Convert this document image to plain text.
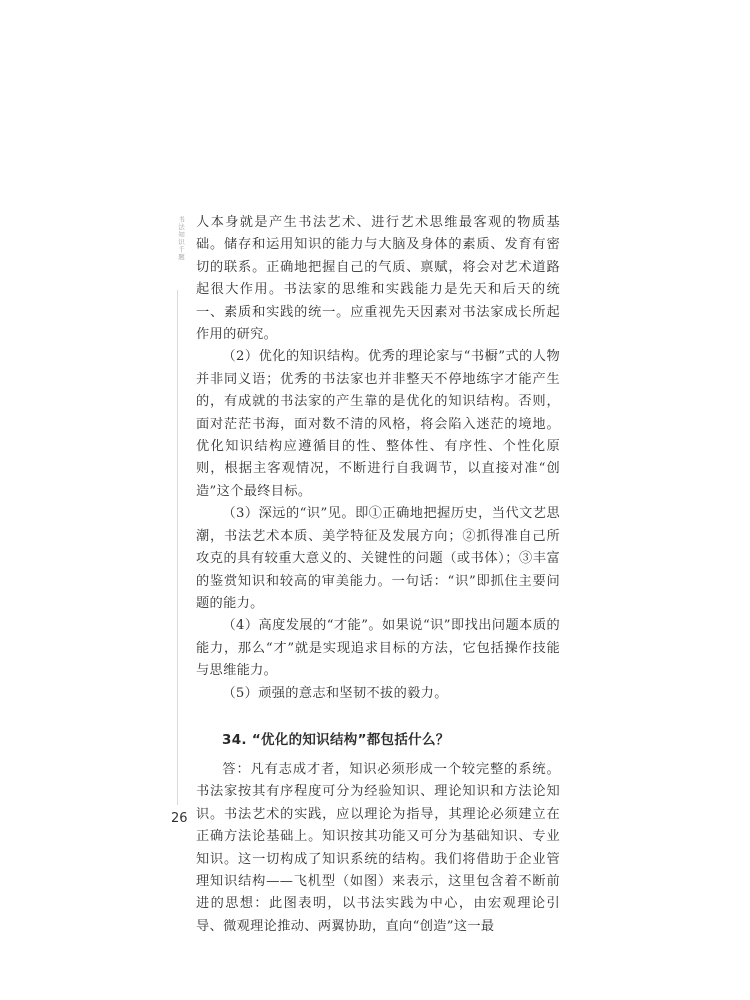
书法知识千题 人本身就是产生书法艺术、进行艺术思维最客观的物质基础。储存和运用知识的能力与大脑及身体的素质、发育有密切的联系。正确地把握自己的气质、禀赋，将会对艺术道路起很大作用。书法家的思维和实践能力是先天和后天的统一、素质和实践的统一。应重视先天因素对书法家成长所起作用的研究。

（2）优化的知识结构。优秀的理论家与“书橱”式的人物并非同义语；优秀的书法家也并非整天不停地练字才能产生的，有成就的书法家的产生靠的是优化的知识结构。否则，面对茫茫书海，面对数不清的风格，将会陷入迷茫的境地。优化知识结构应遵循目的性、整体性、有序性、个性化原则，根据主客观情况，不断进行自我调节，以直接对准“创造”这个最终目标。

（3）深远的“识”见。即①正确地把握历史，当代文艺思潮，书法艺术本质、美学特征及发展方向；②抓得准自己所攻克的具有较重大意义的、关键性的问题（或书体）；③丰富的鉴赏知识和较高的审美能力。一句话：“识”即抓住主要问题的能力。

（4）高度发展的“才能”。如果说“识”即找出问题本质的能力，那么“才”就是实现追求目标的方法，它包括操作技能与思维能力。

（5）顽强的意志和坚韧不拔的毅力。

34. “优化的知识结构”都包括什么？

答：凡有志成才者，知识必须形成一个较完整的系统。书法家按其有序程度可分为经验知识、理论知识和方法论知识。书法艺术的实践，应以理论为指导，其理论必须建立在正确方法论基础上。知识按其功能又可分为基础知识、专业知识。这一切构成了知识系统的结构。我们将借助于企业管理知识结构——飞机型（如图）来表示，这里包含着不断前进的思想：此图表明，以书法实践为中心，由宏观理论引导、微观理论推动、两翼协助，直向“创造”这一最

26
